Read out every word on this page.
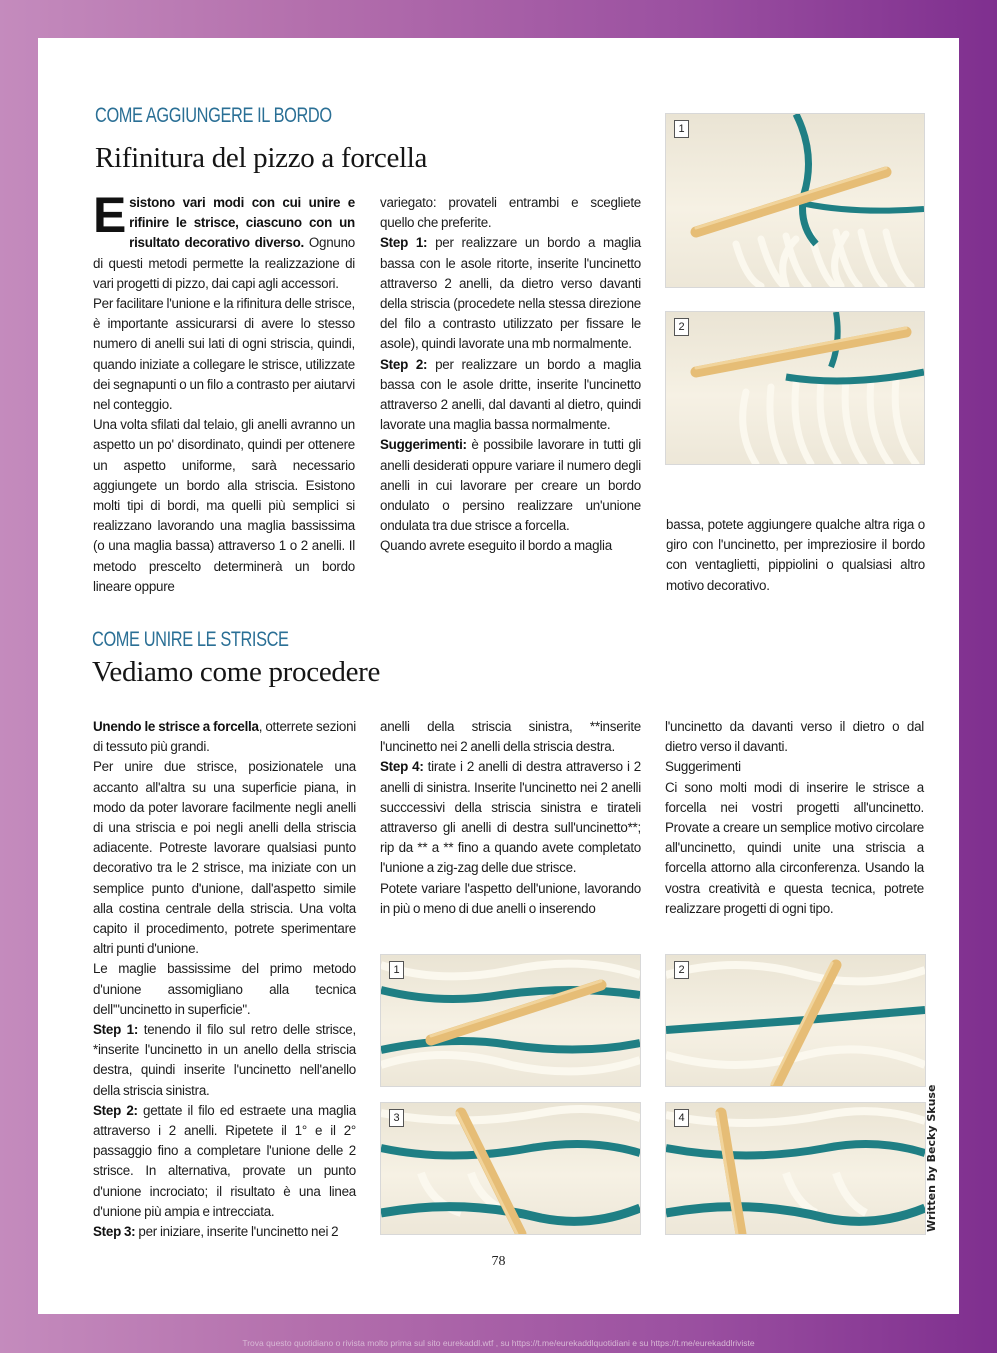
COME AGGIUNGERE IL BORDO
Rifinitura del pizzo a forcella

Esistono vari modi con cui unire e rifinire le strisce, ciascuno con un risultato decorativo diverso. Ognuno di questi metodi permette la realizzazione di vari progetti di pizzo, dai capi agli accessori.

Per facilitare l'unione e la rifinitura delle strisce, è importante assicurarsi di avere lo stesso numero di anelli sui lati di ogni striscia, quindi, quando iniziate a collegare le strisce, utilizzate dei segnapunti o un filo a contrasto per aiutarvi nel conteggio.

Una volta sfilati dal telaio, gli anelli avranno un aspetto un po' disordinato, quindi per ottenere un aspetto uniforme, sarà necessario aggiungete un bordo alla striscia. Esistono molti tipi di bordi, ma quelli più semplici si realizzano lavorando una maglia bassissima (o una maglia bassa) attraverso 1 o 2 anelli. Il metodo prescelto determinerà un bordo lineare oppure

variegato: provateli entrambi e scegliete quello che preferite.

Step 1: per realizzare un bordo a maglia bassa con le asole ritorte, inserite l'uncinetto attraverso 2 anelli, da dietro verso davanti della striscia (procedete nella stessa direzione del filo a contrasto utilizzato per fissare le asole), quindi lavorate una mb normalmente.

Step 2: per realizzare un bordo a maglia bassa con le asole dritte, inserite l'uncinetto attraverso 2 anelli, dal davanti al dietro, quindi lavorate una maglia bassa normalmente.

Suggerimenti: è possibile lavorare in tutti gli anelli desiderati oppure variare il numero degli anelli in cui lavorare per creare un bordo ondulato o persino realizzare un'unione ondulata tra due strisce a forcella.

Quando avrete eseguito il bordo a maglia

bassa, potete aggiungere qualche altra riga o giro con l'uncinetto, per impreziosire il bordo con ventaglietti, pippiolini o qualsiasi altro motivo decorativo.

1
2
COME UNIRE LE STRISCE
Vediamo come procedere

Unendo le strisce a forcella, otterrete sezioni di tessuto più grandi.

Per unire due strisce, posizionatele una accanto all'altra su una superficie piana, in modo da poter lavorare facilmente negli anelli di una striscia e poi negli anelli della striscia adiacente. Potreste lavorare qualsiasi punto decorativo tra le 2 strisce, ma iniziate con un semplice punto d'unione, dall'aspetto simile alla costina centrale della striscia. Una volta capito il procedimento, potrete sperimentare altri punti d'unione.

Le maglie bassissime del primo metodo d'unione assomigliano alla tecnica dell'"uncinetto in superficie".

Step 1: tenendo il filo sul retro delle strisce, *inserite l'uncinetto in un anello della striscia destra, quindi inserite l'uncinetto nell'anello della striscia sinistra.

Step 2: gettate il filo ed estraete una maglia attraverso i 2 anelli. Ripetete il 1° e il 2° passaggio fino a completare l'unione delle 2 strisce. In alternativa, provate un punto d'unione incrociato; il risultato è una linea d'unione più ampia e intrecciata.

Step 3: per iniziare, inserite l'uncinetto nei 2

anelli della striscia sinistra, **inserite l'uncinetto nei 2 anelli della striscia destra.

Step 4: tirate i 2 anelli di destra attraverso i 2 anelli di sinistra. Inserite l'uncinetto nei 2 anelli succcessivi della striscia sinistra e tirateli attraverso gli anelli di destra sull'uncinetto**; rip da ** a ** fino a quando avete completato l'unione a zig-zag delle due strisce.

Potete variare l'aspetto dell'unione, lavorando in più o meno di due anelli o inserendo

l'uncinetto da davanti verso il dietro o dal dietro verso il davanti.

Suggerimenti

Ci sono molti modi di inserire le strisce a forcella nei vostri progetti all'uncinetto. Provate a creare un semplice motivo circolare all'uncinetto, quindi unite una striscia a forcella attorno alla circonferenza. Usando la vostra creatività e questa tecnica, potrete realizzare progetti di ogni tipo.

1	2
3	4
78
Written by Becky Skuse
Trova questo quotidiano o rivista molto prima sul sito eurekaddl.wtf , su https://t.me/eurekaddlquotidiani e su https://t.me/eurekaddlriviste
